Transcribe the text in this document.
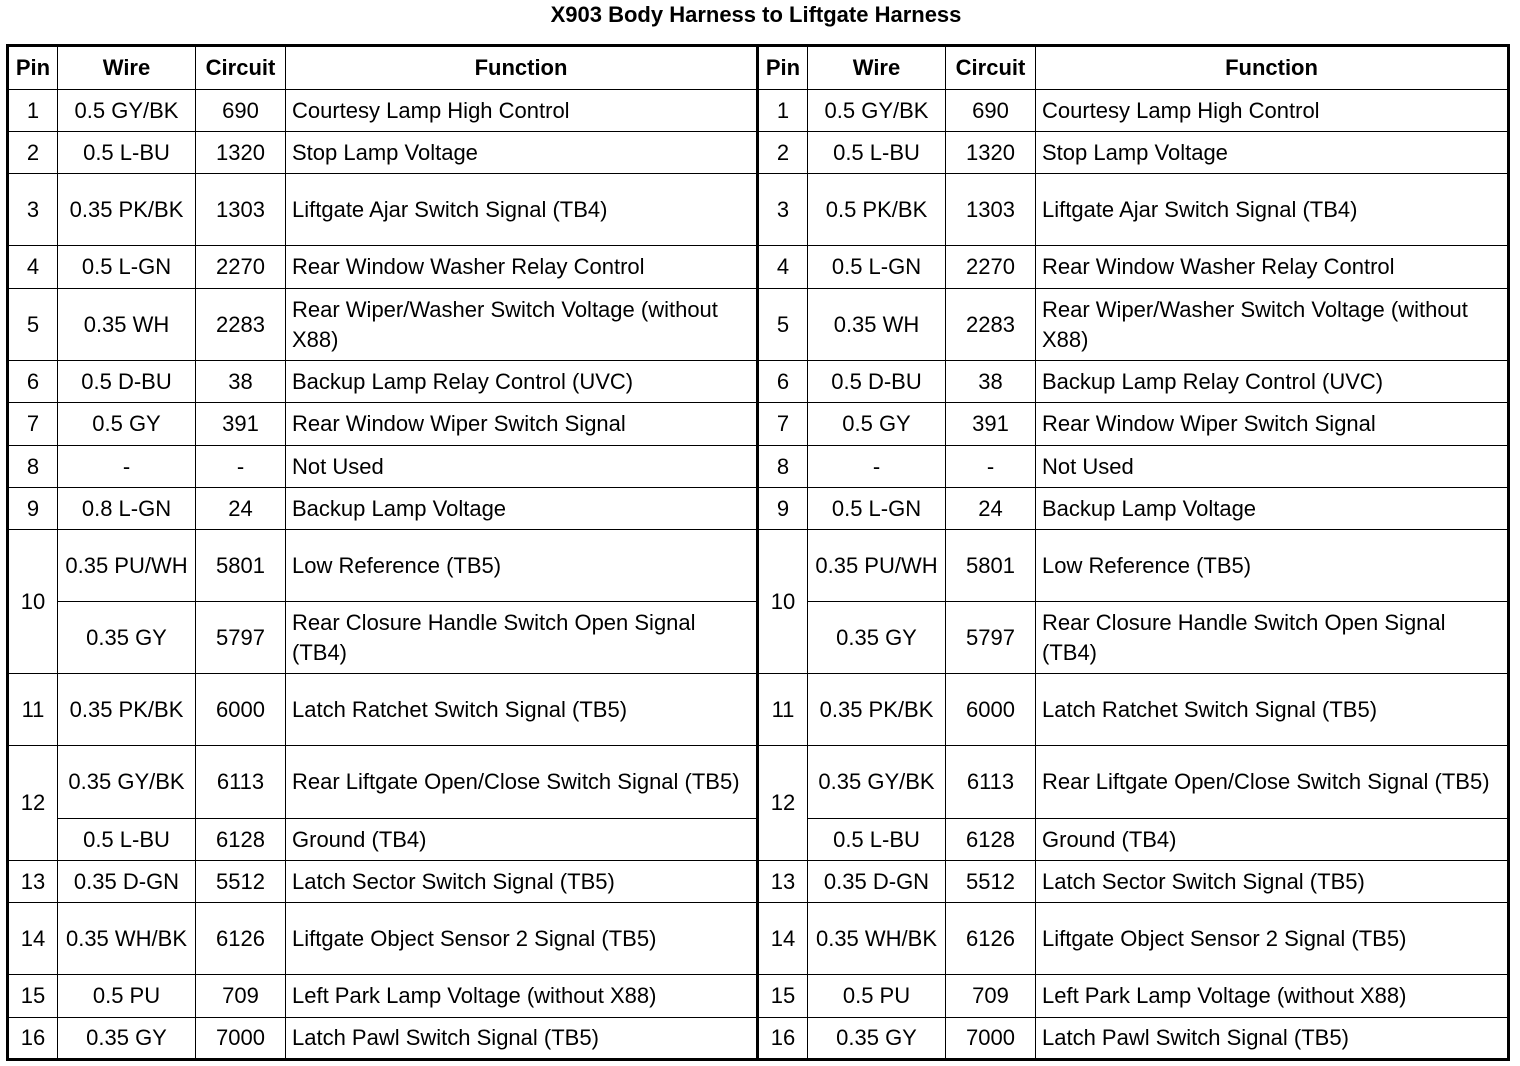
X903 Body Harness to Liftgate Harness
Pin	Wire	Circuit	Function	Pin	Wire	Circuit	Function
1	0.5 GY/BK	690	Courtesy Lamp High Control	1	0.5 GY/BK	690	Courtesy Lamp High Control
2	0.5 L-BU	1320	Stop Lamp Voltage	2	0.5 L-BU	1320	Stop Lamp Voltage
3	0.35 PK/BK	1303	Liftgate Ajar Switch Signal (TB4)	3	0.5 PK/BK	1303	Liftgate Ajar Switch Signal (TB4)
4	0.5 L-GN	2270	Rear Window Washer Relay Control	4	0.5 L-GN	2270	Rear Window Washer Relay Control
5	0.35 WH	2283	Rear Wiper/Washer Switch Voltage (without X88)	5	0.35 WH	2283	Rear Wiper/Washer Switch Voltage (without X88)
6	0.5 D-BU	38	Backup Lamp Relay Control (UVC)	6	0.5 D-BU	38	Backup Lamp Relay Control (UVC)
7	0.5 GY	391	Rear Window Wiper Switch Signal	7	0.5 GY	391	Rear Window Wiper Switch Signal
8	-	-	Not Used	8	-	-	Not Used
9	0.8 L-GN	24	Backup Lamp Voltage	9	0.5 L-GN	24	Backup Lamp Voltage
10	0.35 PU/WH	5801	Low Reference (TB5)	10	0.35 PU/WH	5801	Low Reference (TB5)
	0.35 GY	5797	Rear Closure Handle Switch Open Signal (TB4)		0.35 GY	5797	Rear Closure Handle Switch Open Signal (TB4)
11	0.35 PK/BK	6000	Latch Ratchet Switch Signal (TB5)	11	0.35 PK/BK	6000	Latch Ratchet Switch Signal (TB5)
12	0.35 GY/BK	6113	Rear Liftgate Open/Close Switch Signal (TB5)	12	0.35 GY/BK	6113	Rear Liftgate Open/Close Switch Signal (TB5)
	0.5 L-BU	6128	Ground (TB4)		0.5 L-BU	6128	Ground (TB4)
13	0.35 D-GN	5512	Latch Sector Switch Signal (TB5)	13	0.35 D-GN	5512	Latch Sector Switch Signal (TB5)
14	0.35 WH/BK	6126	Liftgate Object Sensor 2 Signal (TB5)	14	0.35 WH/BK	6126	Liftgate Object Sensor 2 Signal (TB5)
15	0.5 PU	709	Left Park Lamp Voltage (without X88)	15	0.5 PU	709	Left Park Lamp Voltage (without X88)
16	0.35 GY	7000	Latch Pawl Switch Signal (TB5)	16	0.35 GY	7000	Latch Pawl Switch Signal (TB5)
